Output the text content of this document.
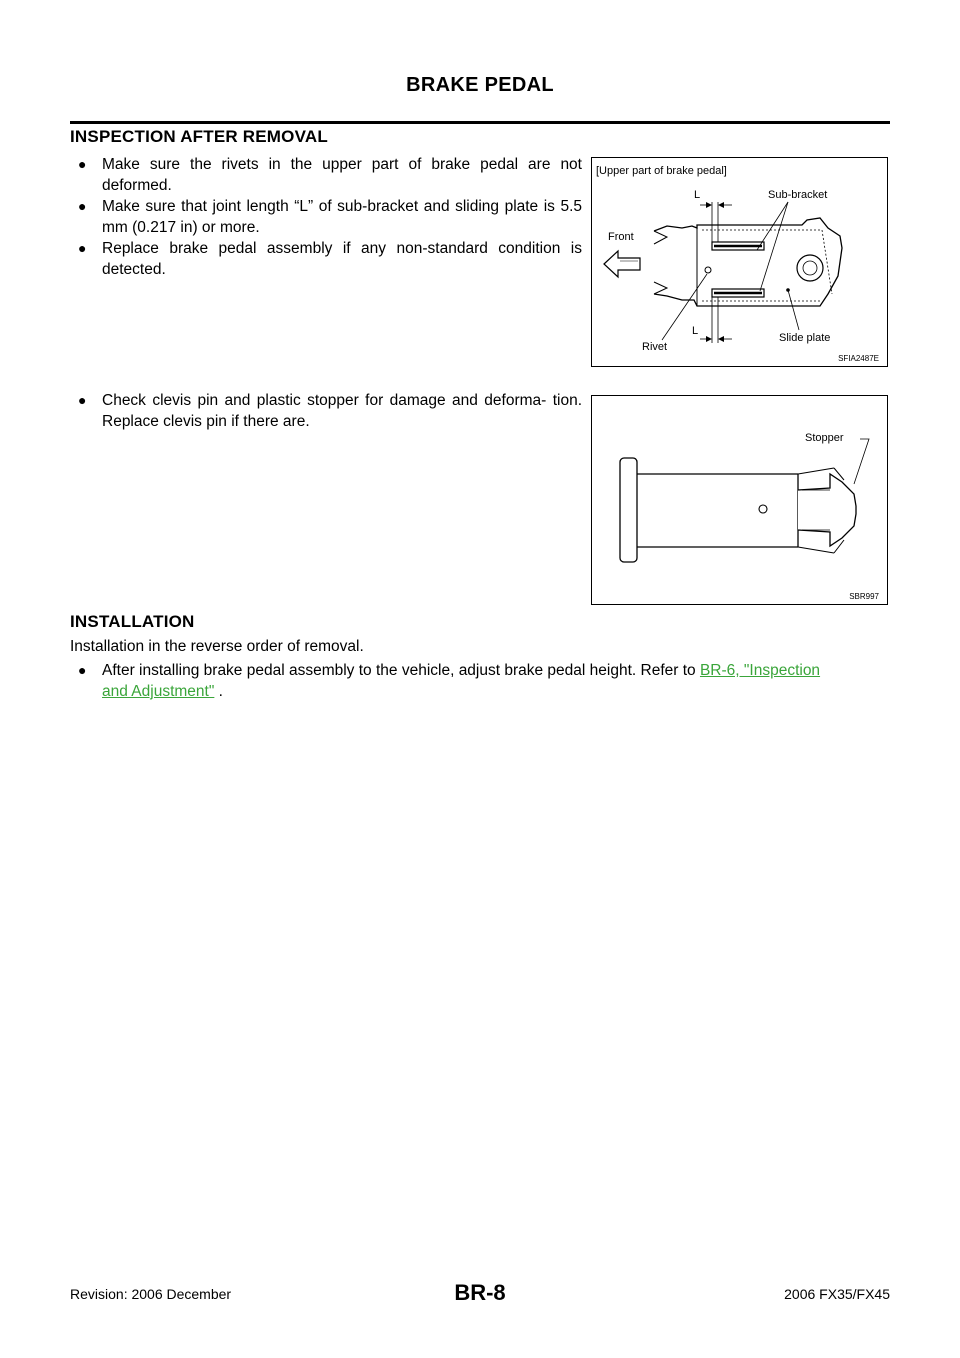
BRAKE PEDAL
INSPECTION AFTER REMOVAL
● Make sure the rivets in the upper part of brake pedal are not deformed.
● Make sure that joint length “L” of sub-bracket and sliding plate is 5.5 mm (0.217 in) or more.
● Replace brake pedal assembly if any non-standard condition is detected.
[Upper part of brake pedal]
L
L
Sub-bracket
Front
Rivet
Slide plate
SFIA2487E
● Check clevis pin and plastic stopper for damage and deforma- tion. Replace clevis pin if there are.
Stopper
SBR997
INSTALLATION
Installation in the reverse order of removal.
● After installing brake pedal assembly to the vehicle, adjust brake pedal height. Refer to BR-6, "Inspection
and Adjustment" .
Revision: 2006 December	BR-8	2006 FX35/FX45
